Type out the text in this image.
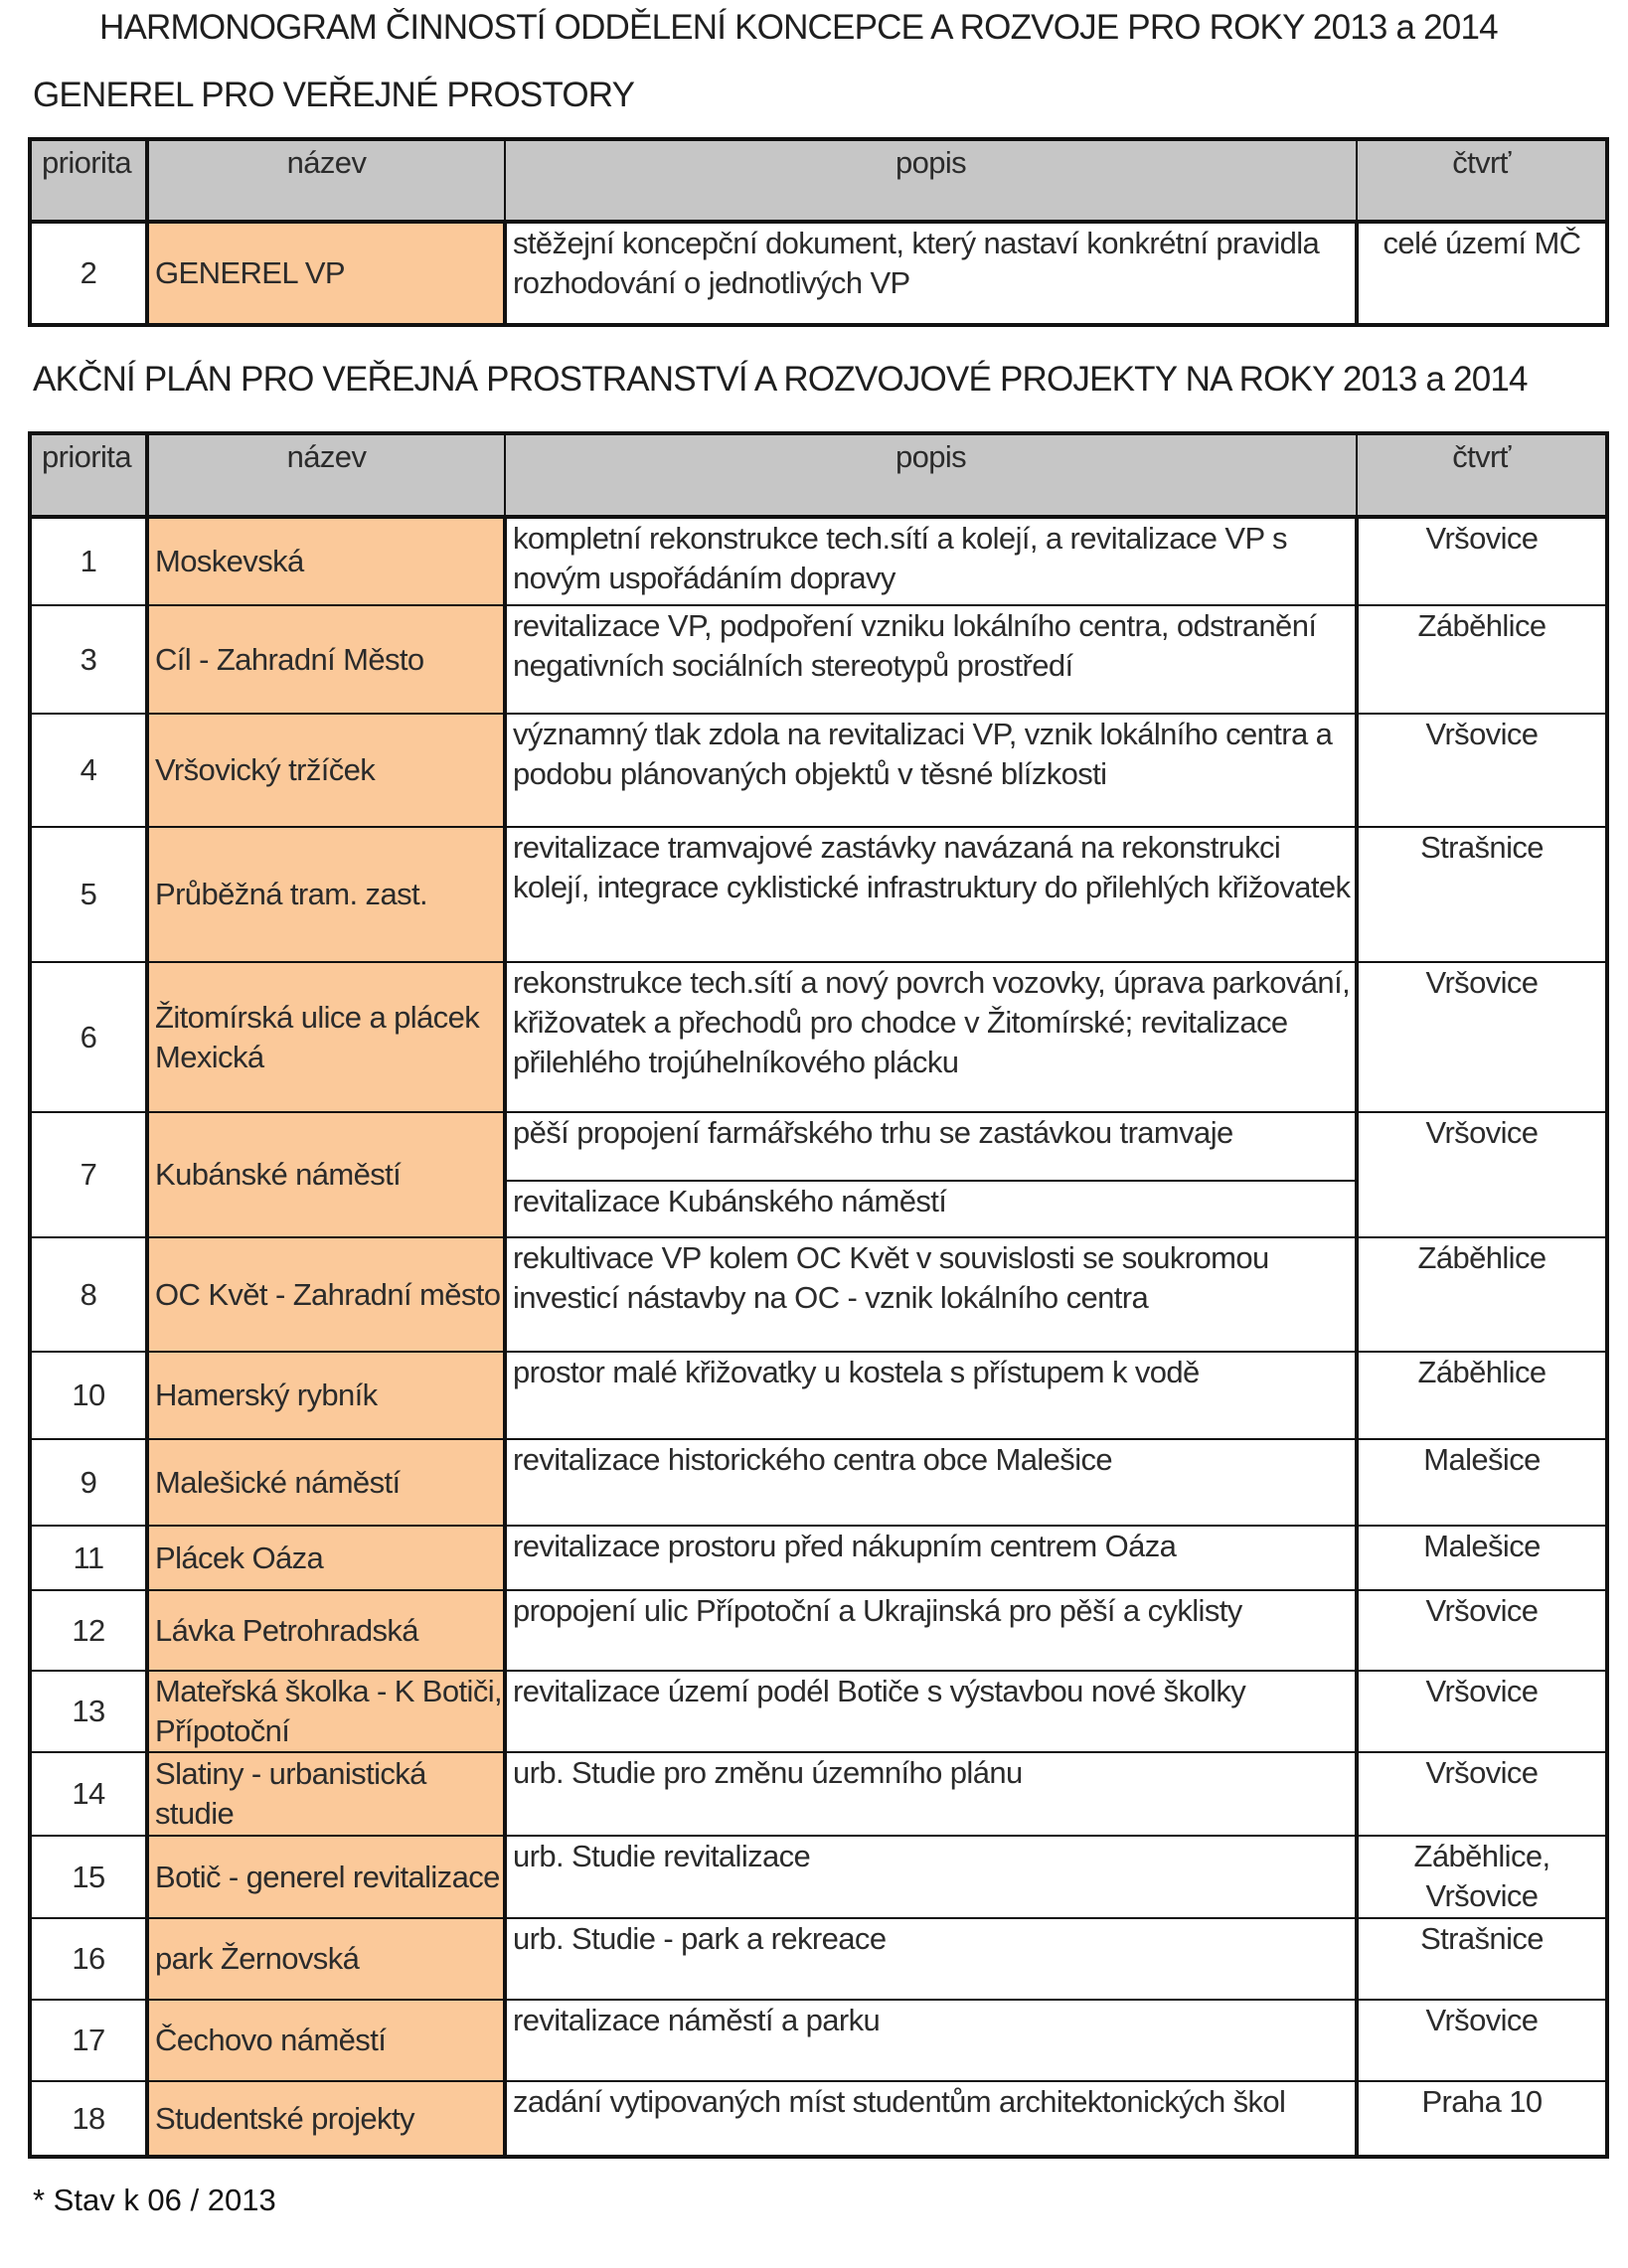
HARMONOGRAM ČINNOSTÍ ODDĚLENÍ KONCEPCE A ROZVOJE PRO ROKY 2013 a 2014
GENEREL PRO VEŘEJNÉ PROSTORY
priorita	název	popis	čtvrť
2	GENEREL VP	stěžejní koncepční dokument, který nastaví konkrétní pravidla rozhodování o jednotlivých VP	celé území MČ
AKČNÍ PLÁN PRO VEŘEJNÁ PROSTRANSTVÍ A ROZVOJOVÉ PROJEKTY NA ROKY 2013 a 2014
priorita	název	popis	čtvrť
1	Moskevská	kompletní rekonstrukce tech.sítí a kolejí, a revitalizace VP s novým uspořádáním dopravy	Vršovice
3	Cíl - Zahradní Město	revitalizace VP, podpoření vzniku lokálního centra, odstranění negativních sociálních stereotypů prostředí	Záběhlice
4	Vršovický tržíček	významný tlak zdola na revitalizaci VP, vznik lokálního centra a podobu plánovaných objektů v těsné blízkosti	Vršovice
5	Průběžná tram. zast.	revitalizace tramvajové zastávky navázaná na rekonstrukci kolejí, integrace cyklistické infrastruktury do přilehlých křižovatek	Strašnice
6	Žitomírská ulice a plácek Mexická	rekonstrukce tech.sítí a nový povrch vozovky, úprava parkování, křižovatek a přechodů pro chodce v Žitomírské; revitalizace přilehlého trojúhelníkového plácku	Vršovice
7	Kubánské náměstí	pěší propojení farmářského trhu se zastávkou tramvaje	Vršovice
		revitalizace Kubánského náměstí	
8	OC Květ - Zahradní město	rekultivace VP kolem OC Květ v souvislosti se soukromou investicí nástavby na OC - vznik lokálního centra	Záběhlice
10	Hamerský rybník	prostor malé křižovatky u kostela s přístupem k vodě	Záběhlice
9	Malešické náměstí	revitalizace historického centra obce Malešice	Malešice
11	Plácek Oáza	revitalizace prostoru před nákupním centrem Oáza	Malešice
12	Lávka Petrohradská	propojení ulic Přípotoční a Ukrajinská pro pěší a cyklisty	Vršovice
13	Mateřská školka - K Botiči, Přípotoční	revitalizace území podél Botiče s výstavbou nové školky	Vršovice
14	Slatiny - urbanistická studie	urb. Studie pro změnu územního plánu	Vršovice
15	Botič - generel revitalizace	urb. Studie revitalizace	Záběhlice, Vršovice
16	park Žernovská	urb. Studie - park a rekreace	Strašnice
17	Čechovo náměstí	revitalizace náměstí a parku	Vršovice
18	Studentské projekty	zadání vytipovaných míst studentům architektonických škol	Praha 10
* Stav k 06 / 2013
